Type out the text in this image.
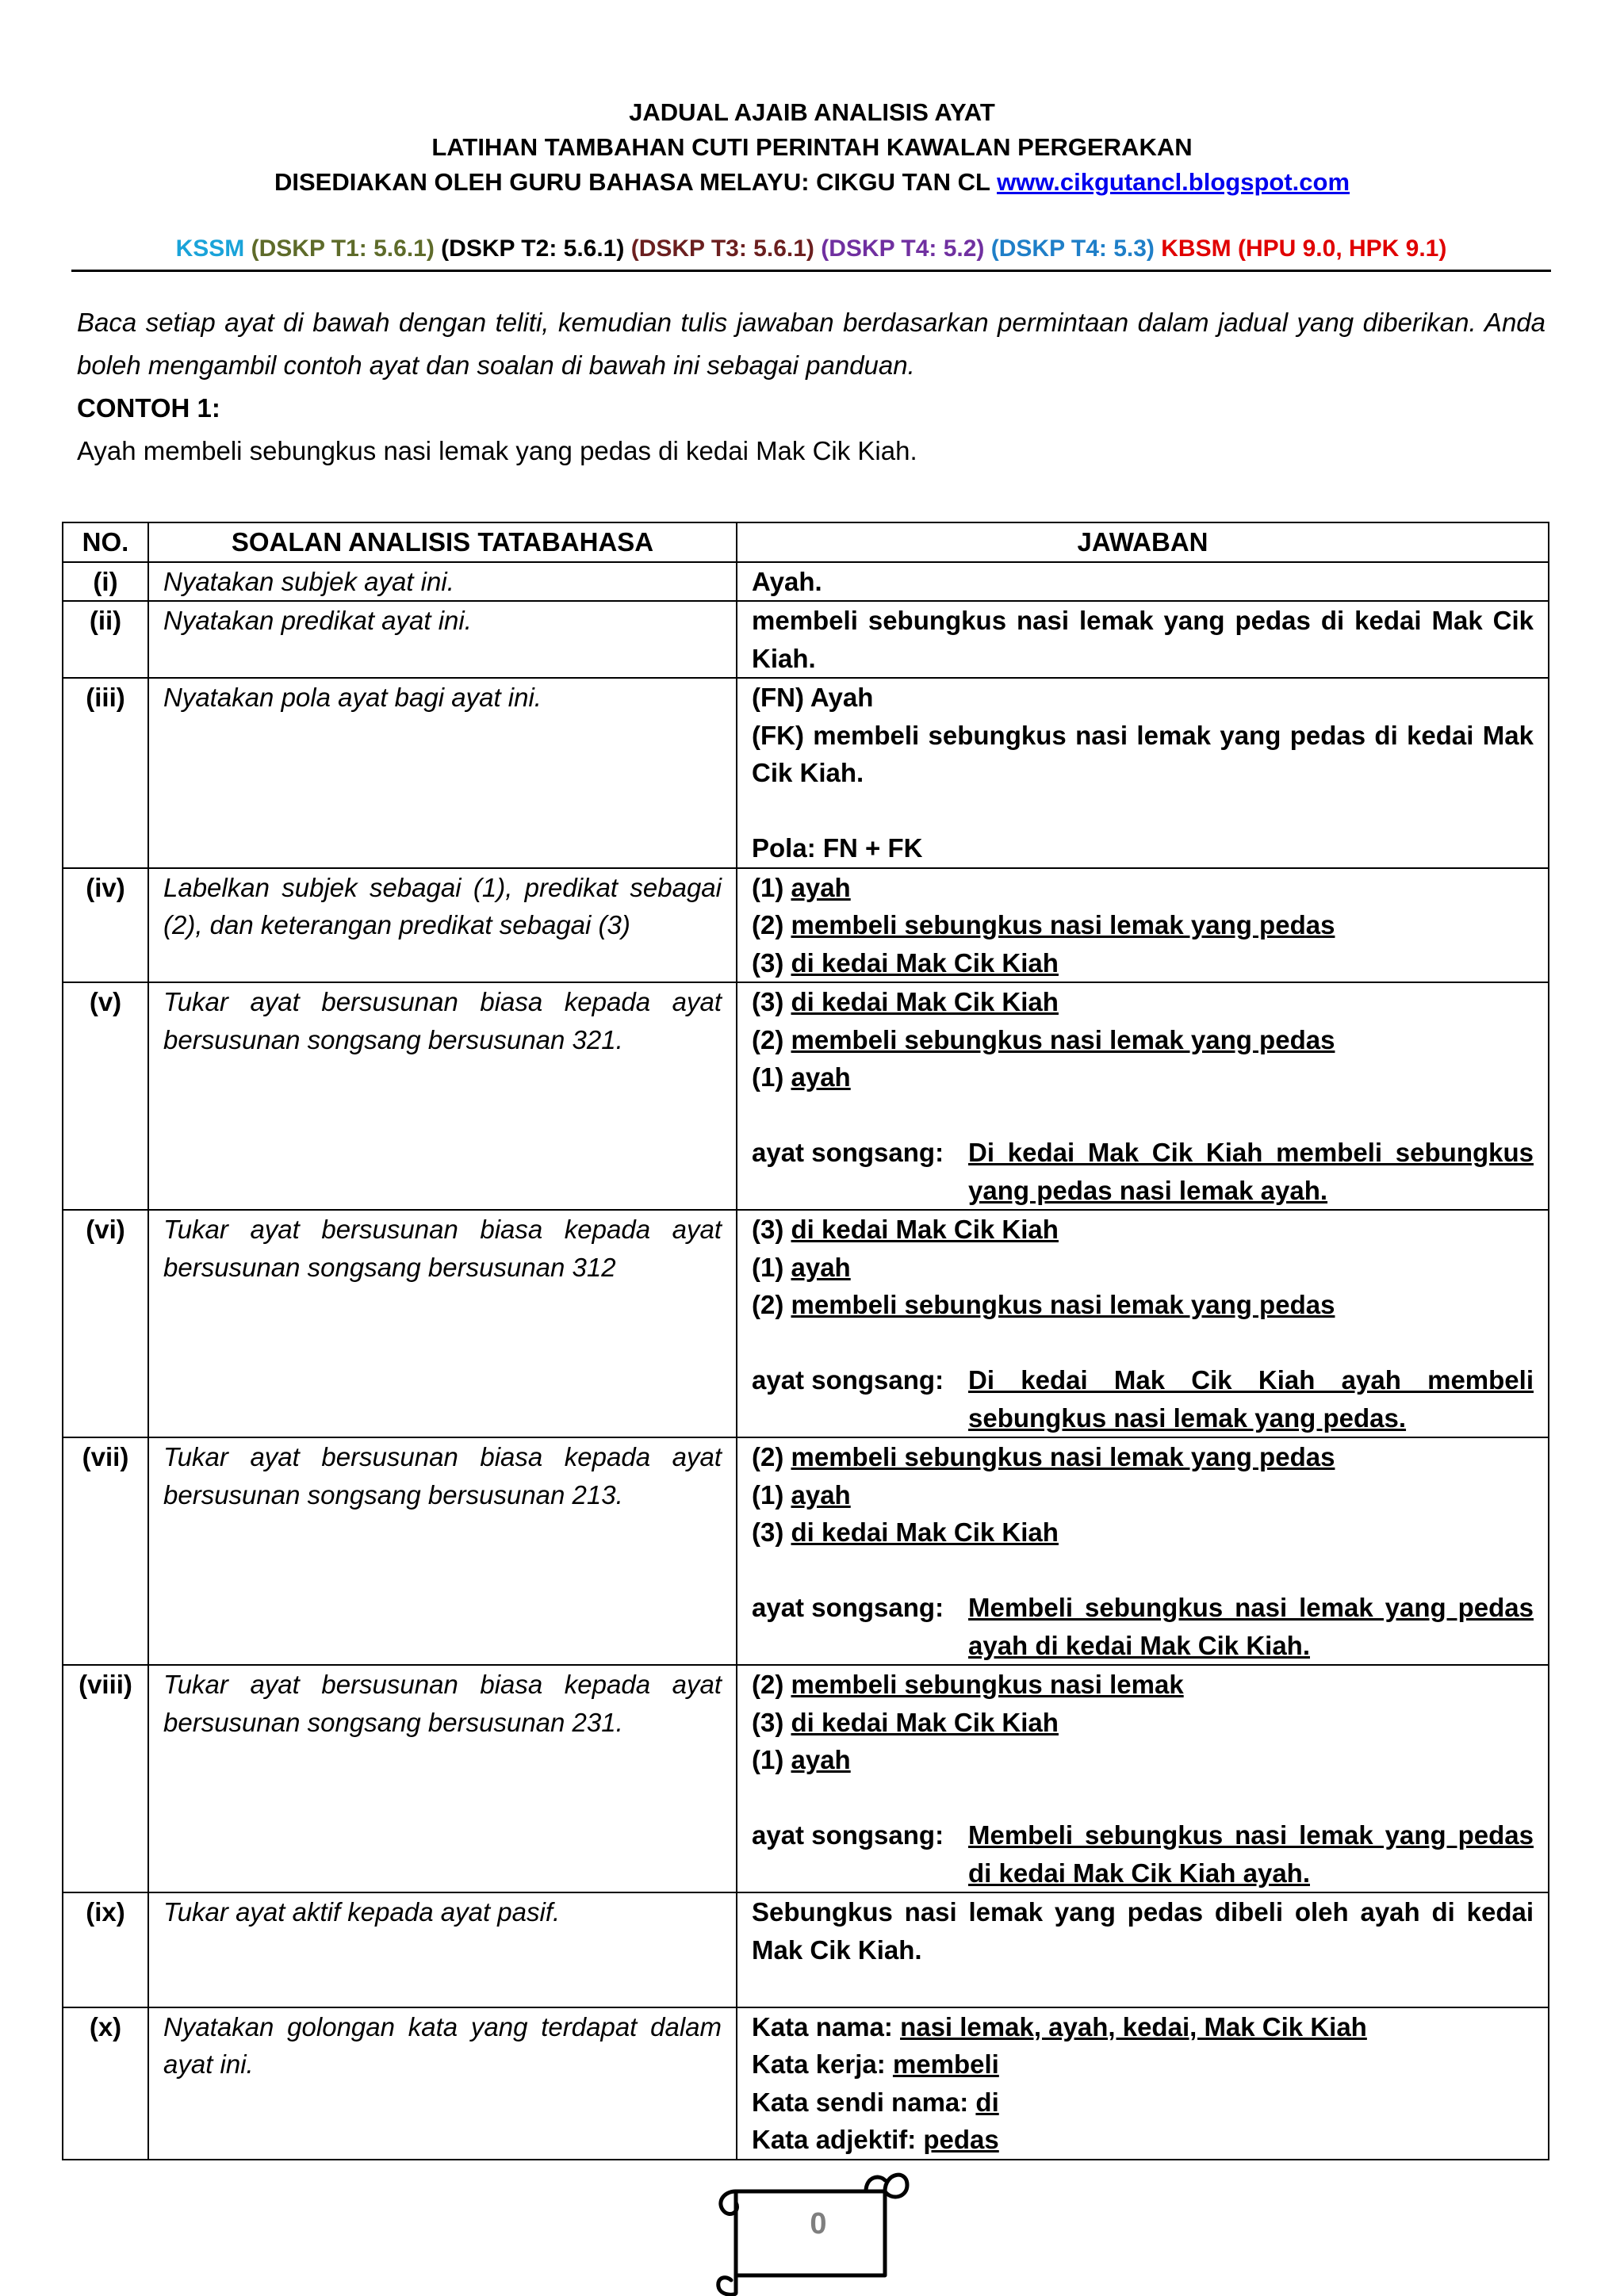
JADUAL AJAIB ANALISIS AYAT
LATIHAN TAMBAHAN CUTI PERINTAH KAWALAN PERGERAKAN
DISEDIAKAN OLEH GURU BAHASA MELAYU: CIKGU TAN CL www.cikgutancl.blogspot.com
KSSM (DSKP T1: 5.6.1) (DSKP T2: 5.6.1) (DSKP T3: 5.6.1) (DSKP T4: 5.2) (DSKP T4: 5.3) KBSM (HPU 9.0, HPK 9.1)
Baca setiap ayat di bawah dengan teliti, kemudian tulis jawaban berdasarkan permintaan dalam jadual yang diberikan. Anda boleh mengambil contoh ayat dan soalan di bawah ini sebagai panduan.
CONTOH 1:
Ayah membeli sebungkus nasi lemak yang pedas di kedai Mak Cik Kiah.
NO.	SOALAN ANALISIS TATABAHASA	JAWABAN
(i)	Nyatakan subjek ayat ini.	Ayah.

(ii)	Nyatakan predikat ayat ini.	membeli sebungkus nasi lemak yang pedas di kedai Mak Cik Kiah.

(iii)	Nyatakan pola ayat bagi ayat ini.	(FN) Ayah
(FK) membeli sebungkus nasi lemak yang pedas di kedai Mak Cik Kiah.
Pola: FN + FK

(iv)	Labelkan subjek sebagai (1), predikat sebagai (2), dan keterangan predikat sebagai (3)	(1) ayah
(2) membeli sebungkus nasi lemak yang pedas
(3) di kedai Mak Cik Kiah

(v)	Tukar ayat bersusunan biasa kepada ayat bersusunan songsang bersusunan 321.	(3) di kedai Mak Cik Kiah
(2) membeli sebungkus nasi lemak yang pedas
(1) ayah
ayat songsang: Di kedai Mak Cik Kiah membeli sebungkus yang pedas nasi lemak ayah.

(vi)	Tukar ayat bersusunan biasa kepada ayat bersusunan songsang bersusunan 312	(3) di kedai Mak Cik Kiah
(1) ayah
(2) membeli sebungkus nasi lemak yang pedas
ayat songsang: Di kedai Mak Cik Kiah ayah membeli sebungkus nasi lemak yang pedas.

(vii)	Tukar ayat bersusunan biasa kepada ayat bersusunan songsang bersusunan 213.	(2) membeli sebungkus nasi lemak yang pedas
(1) ayah
(3) di kedai Mak Cik Kiah
ayat songsang: Membeli sebungkus nasi lemak yang pedas ayah di kedai Mak Cik Kiah.

(viii)	Tukar ayat bersusunan biasa kepada ayat bersusunan songsang bersusunan 231.	(2) membeli sebungkus nasi lemak
(3) di kedai Mak Cik Kiah
(1) ayah
ayat songsang: Membeli sebungkus nasi lemak yang pedas di kedai Mak Cik Kiah ayah.

(ix)	Tukar ayat aktif kepada ayat pasif.	Sebungkus nasi lemak yang pedas dibeli oleh ayah di kedai Mak Cik Kiah.

(x)	Nyatakan golongan kata yang terdapat dalam ayat ini.	Kata nama: nasi lemak, ayah, kedai, Mak Cik Kiah
Kata kerja: membeli
Kata sendi nama: di
Kata adjektif: pedas
0
